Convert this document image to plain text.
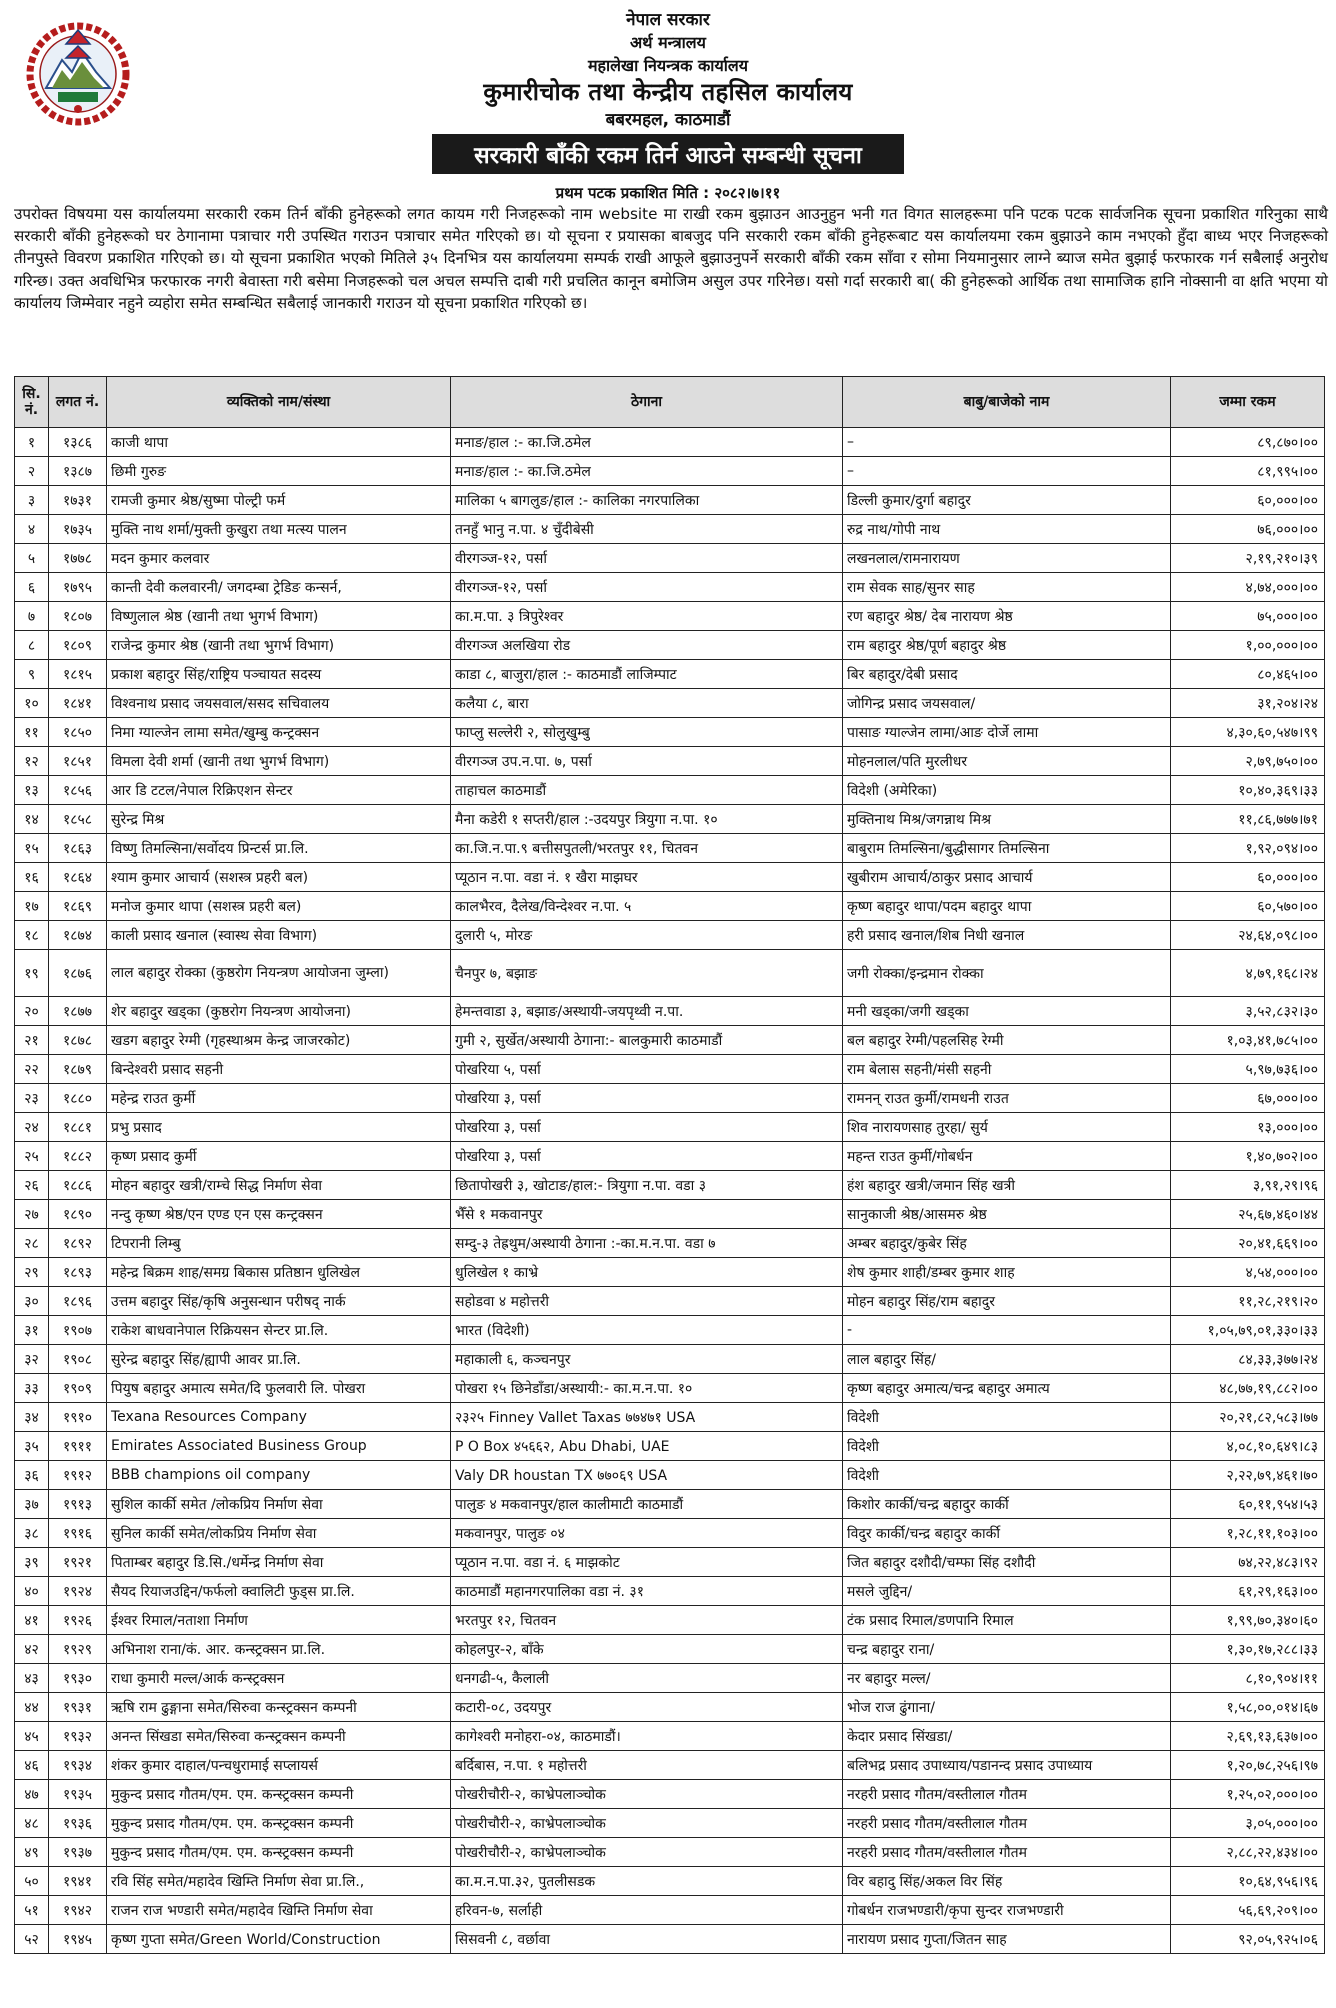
नेपाल सरकार
अर्थ मन्त्रालय
महालेखा नियन्त्रक कार्यालय
कुमारीचोक तथा केन्द्रीय तहसिल कार्यालय
बबरमहल, काठमाडौं
सरकारी बाँकी रकम तिर्न आउने सम्बन्धी सूचना
प्रथम पटक प्रकाशित मिति : २०८२।७।११

उपरोक्त विषयमा यस कार्यालयमा सरकारी रकम तिर्न बाँकी हुनेहरूको लगत कायम गरी निजहरूको नाम website मा राखी रकम बुझाउन आउनुहुन भनी गत विगत सालहरूमा पनि पटक पटक सार्वजनिक सूचना प्रकाशित गरिनुका साथै सरकारी बाँकी हुनेहरूको घर ठेगानामा पत्राचार गरी उपस्थित गराउन पत्राचार समेत गरिएको छ। यो सूचना र प्रयासका बाबजुद पनि सरकारी रकम बाँकी हुनेहरूबाट यस कार्यालयमा रकम बुझाउने काम नभएको हुँदा बाध्य भएर निजहरूको तीनपुस्ते विवरण प्रकाशित गरिएको छ। यो सूचना प्रकाशित भएको मितिले ३५ दिनभित्र यस कार्यालयमा सम्पर्क राखी आफूले बुझाउनुपर्ने सरकारी बाँकी रकम साँवा र सोमा नियमानुसार लाग्ने ब्याज समेत बुझाई फरफारक गर्न सबैलाई अनुरोध गरिन्छ। उक्त अवधिभित्र फरफारक नगरी बेवास्ता गरी बसेमा निजहरूको चल अचल सम्पत्ति दाबी गरी प्रचलित कानून बमोजिम असुल उपर गरिनेछ। यसो गर्दा सरकारी बा( की हुनेहरूको आर्थिक तथा सामाजिक हानि नोक्सानी वा क्षति भएमा यो कार्यालय जिम्मेवार नहुने व्यहोरा समेत सम्बन्धित सबैलाई जानकारी गराउन यो सूचना प्रकाशित गरिएको छ।

सि. नं.	लगत नं.	व्यक्तिको नाम/संस्था	ठेगाना	बाबु/बाजेको नाम	जम्मा रकम
१	१३८६	काजी थापा	मनाङ/हाल :- का.जि.ठमेल	–	८९,८७०।००
२	१३८७	छिमी गुरुङ	मनाङ/हाल :- का.जि.ठमेल	–	८१,९९५।००
३	१७३१	रामजी कुमार श्रेष्ठ/सुष्मा पोल्ट्री फर्म	मालिका ५ बागलुङ/हाल :- कालिका नगरपालिका	डिल्ली कुमार/दुर्गा बहादुर	६०,०००।००
४	१७३५	मुक्ति नाथ शर्मा/मुक्ती कुखुरा तथा मत्स्य पालन	तनहुँ भानु न.पा. ४ चुँदीबेसी	रुद्र नाथ/गोपी नाथ	७६,०००।००
५	१७७८	मदन कुमार कलवार	वीरगञ्ज-१२, पर्सा	लखनलाल/रामनारायण	२,१९,२१०।३९
६	१७९५	कान्ती देवी कलवारनी/ जगदम्बा ट्रेडिङ कन्सर्न,	वीरगञ्ज-१२, पर्सा	राम सेवक साह/सुनर साह	४,७४,०००।००
७	१८०७	विष्णुलाल श्रेष्ठ (खानी तथा भुगर्भ विभाग)	का.म.पा. ३ त्रिपुरेश्वर	रण बहादुर श्रेष्ठ/ देब नारायण श्रेष्ठ	७५,०००।००
८	१८०९	राजेन्द्र कुमार श्रेष्ठ (खानी तथा भुगर्भ विभाग)	वीरगञ्ज अलखिया रोड	राम बहादुर श्रेष्ठ/पूर्ण बहादुर श्रेष्ठ	१,००,०००।००
९	१८१५	प्रकाश बहादुर सिंह/राष्ट्रिय पञ्चायत सदस्य	काडा ८, बाजुरा/हाल :- काठमाडौं लाजिम्पाट	बिर बहादुर/देबी प्रसाद	८०,४६५।००
१०	१८४१	विश्वनाथ प्रसाद जयसवाल/ससद सचिवालय	कलैया ८, बारा	जोगिन्द्र प्रसाद जयसवाल/	३१,२०४।२४
११	१८५०	निमा ग्याल्जेन लामा समेत/खुम्बु कन्ट्रक्सन	फाप्लु सल्लेरी २, सोलुखुम्बु	पासाङ ग्याल्जेन लामा/आङ दोर्जे लामा	४,३०,६०,५४७।९९
१२	१८५१	विमला देवी शर्मा (खानी तथा भुगर्भ विभाग)	वीरगञ्ज उप.न.पा. ७, पर्सा	मोहनलाल/पति मुरलीधर	२,७९,७५०।००
१३	१८५६	आर डि टटल/नेपाल रिक्रिएशन सेन्टर	ताहाचल काठमाडौं	विदेशी (अमेरिका)	१०,४०,३६९।३३
१४	१८५८	सुरेन्द्र मिश्र	मैना कडेरी १ सप्तरी/हाल :-उदयपुर त्रियुगा न.पा. १०	मुक्तिनाथ मिश्र/जगन्नाथ मिश्र	११,८६,७७७।७१
१५	१८६३	विष्णु तिमल्सिना/सर्वोदय प्रिन्टर्स प्रा.लि.	का.जि.न.पा.९ बत्तीसपुतली/भरतपुर ११, चितवन	बाबुराम तिमल्सिना/बुद्धीसागर तिमल्सिना	१,९२,०९४।००
१६	१८६४	श्याम कुमार आचार्य (सशस्त्र प्रहरी बल)	प्यूठान न.पा. वडा नं. १ खैरा माझघर	खुबीराम आचार्य/ठाकुर प्रसाद आचार्य	६०,०००।००
१७	१८६९	मनोज कुमार थापा (सशस्त्र प्रहरी बल)	कालभैरव, दैलेख/विन्देश्वर न.पा. ५	कृष्ण बहादुर थापा/पदम बहादुर थापा	६०,५७०।००
१८	१८७४	काली प्रसाद खनाल (स्वास्थ सेवा विभाग)	दुलारी ५, मोरङ	हरी प्रसाद खनाल/शिब निधी खनाल	२४,६४,०९८।००
१९	१८७६	लाल बहादुर रोक्का (कुष्ठरोग नियन्त्रण आयोजना जुम्ला)	चैनपुर ७, बझाङ	जगी रोक्का/इन्द्रमान रोक्का	४,७९,१६८।२४
२०	१८७७	शेर बहादुर खड्का (कुष्ठरोग नियन्त्रण आयोजना)	हेमन्तवाडा ३, बझाङ/अस्थायी-जयपृथ्वी न.पा.	मनी खड्का/जगी खड्का	३,५२,८३२।३०
२१	१८७८	खडग बहादुर रेग्मी (गृहस्थाश्रम केन्द्र जाजरकोट)	गुमी २, सुर्खेत/अस्थायी ठेगाना:- बालकुमारी काठमाडौं	बल बहादुर रेग्मी/पहलसिह रेग्मी	१,०३,४१,७८५।००
२२	१८७९	बिन्देश्वरी प्रसाद सहनी	पोखरिया ५, पर्सा	राम बेलास सहनी/मंसी सहनी	५,९७,७३६।००
२३	१८८०	महेन्द्र राउत कुर्मी	पोखरिया ३, पर्सा	रामनन् राउत कुर्मी/रामधनी राउत	६७,०००।००
२४	१८८१	प्रभु प्रसाद	पोखरिया ३, पर्सा	शिव नारायणसाह तुरहा/ सुर्य	१३,०००।००
२५	१८८२	कृष्ण प्रसाद कुर्मी	पोखरिया ३, पर्सा	महन्त राउत कुर्मी/गोबर्धन	१,४०,७०२।००
२६	१८८६	मोहन बहादुर खत्री/राम्चे सिद्ध निर्माण सेवा	छितापोखरी ३, खोटाङ/हाल:- त्रियुगा न.पा. वडा ३	हंश बहादुर खत्री/जमान सिंह खत्री	३,९१,२९।९६
२७	१८९०	नन्दु कृष्ण श्रेष्ठ/एन एण्ड एन एस कन्ट्रक्सन	भैँसे १ मकवानपुर	सानुकाजी श्रेष्ठ/आसमरु श्रेष्ठ	२५,६७,४६०।४४
२८	१८९२	टिपरानी लिम्बु	सम्दु-३ तेह्रथुम/अस्थायी ठेगाना :-का.म.न.पा. वडा ७	अम्बर बहादुर/कुबेर सिंह	२०,४१,६६९।००
२९	१८९३	महेन्द्र बिक्रम शाह/समग्र बिकास प्रतिष्ठान धुलिखेल	धुलिखेल १ काभ्रे	शेष कुमार शाही/डम्बर कुमार शाह	४,५४,०००।००
३०	१८९६	उत्तम बहादुर सिंह/कृषि अनुसन्धान परीषद् नार्क	सहोडवा ४ महोत्तरी	मोहन बहादुर सिंह/राम बहादुर	११,२८,२१९।२०
३१	१९०७	राकेश बाधवानेपाल रिक्रियसन सेन्टर प्रा.लि.	भारत (विदेशी)	-	१,०५,७९,०१,३३०।३३
३२	१९०८	सुरेन्द्र बहादुर सिंह/ह्यापी आवर प्रा.लि.	महाकाली ६, कञ्चनपुर	लाल बहादुर सिंह/	८४,३३,३७७।२४
३३	१९०९	पियुष बहादुर अमात्य समेत/दि फुलवारी लि. पोखरा	पोखरा १५ छिनेडाँडा/अस्थायी:- का.म.न.पा. १०	कृष्ण बहादुर अमात्य/चन्द्र बहादुर अमात्य	४८,७७,१९,८८२।००
३४	१९१०	Texana Resources Company	२३२५ Finney Vallet Taxas ७७४७१ USA	विदेशी	२०,२१,८२,५८३।७७
३५	१९११	Emirates Associated Business Group	P O Box ४५६६२, Abu Dhabi, UAE	विदेशी	४,०८,१०,६४९।८३
३६	१९१२	BBB champions oil company	Valy DR houstan TX ७७०६९ USA	विदेशी	२,२२,७९,४६१।७०
३७	१९१३	सुशिल कार्की समेत /लोकप्रिय निर्माण सेवा	पालुङ ४ मकवानपुर/हाल कालीमाटी काठमाडौं	किशोर कार्की/चन्द्र बहादुर कार्की	६०,११,९५४।५३
३८	१९१६	सुनिल कार्की समेत/लोकप्रिय निर्माण सेवा	मकवानपुर, पालुङ ०४	विदुर कार्की/चन्द्र बहादुर कार्की	१,२८,११,१०३।००
३९	१९२१	पिताम्बर बहादुर डि.सि./धर्मेन्द्र निर्माण सेवा	प्यूठान न.पा. वडा नं. ६ माझकोट	जित बहादुर दशौदी/चम्फा सिंह दशौदी	७४,२२,४८३।९२
४०	१९२४	सैयद रियाजउद्दिन/फर्फलो क्वालिटी फुड्स प्रा.लि.	काठमाडौं महानगरपालिका वडा नं. ३१	मसले जुद्दिन/	६१,२९,१६३।००
४१	१९२६	ईश्वर रिमाल/नताशा निर्माण	भरतपुर १२, चितवन	टंक प्रसाद रिमाल/डणपानि रिमाल	१,९९,७०,३४०।६०
४२	१९२९	अभिनाश राना/कं. आर. कन्स्ट्रक्सन प्रा.लि.	कोहलपुर-२, बाँके	चन्द्र बहादुर राना/	१,३०,१७,२८८।३३
४३	१९३०	राधा कुमारी मल्ल/आर्क कन्स्ट्रक्सन	धनगढी-५, कैलाली	नर बहादुर मल्ल/	८,१०,९०४।११
४४	१९३१	ऋषि राम ढुङ्गाना समेत/सिरुवा कन्स्ट्रक्सन कम्पनी	कटारी-०८, उदयपुर	भोज राज ढुंगाना/	१,५८,००,०१४।६७
४५	१९३२	अनन्त सिंखडा समेत/सिरुवा कन्स्ट्रक्सन कम्पनी	कागेश्वरी मनोहरा-०४, काठमाडौं।	केदार प्रसाद सिंखडा/	२,६९,१३,६३७।००
४६	१९३४	शंकर कुमार दाहाल/पन्चधुरामाई सप्लायर्स	बर्दिबास, न.पा. १ महोत्तरी	बलिभद्र प्रसाद उपाध्याय/पडानन्द प्रसाद उपाध्याय	१,२०,७८,२५६।९७
४७	१९३५	मुकुन्द प्रसाद गौतम/एम. एम. कन्स्ट्रक्सन कम्पनी	पोखरीचौरी-२, काभ्रेपलाञ्चोक	नरहरी प्रसाद गौतम/वस्तीलाल गौतम	१,२५,०२,०००।००
४८	१९३६	मुकुन्द प्रसाद गौतम/एम. एम. कन्स्ट्रक्सन कम्पनी	पोखरीचौरी-२, काभ्रेपलाञ्चोक	नरहरी प्रसाद गौतम/वस्तीलाल गौतम	३,०५,०००।००
४९	१९३७	मुकुन्द प्रसाद गौतम/एम. एम. कन्स्ट्रक्सन कम्पनी	पोखरीचौरी-२, काभ्रेपलाञ्चोक	नरहरी प्रसाद गौतम/वस्तीलाल गौतम	२,८८,२२,४३४।००
५०	१९४१	रवि सिंह समेत/महादेव खिम्ति निर्माण सेवा प्रा.लि.,	का.म.न.पा.३२, पुतलीसडक	विर बहादु सिंह/अकल विर सिंह	१०,६४,९५६।९६
५१	१९४२	राजन राज भण्डारी समेत/महादेव खिम्ति निर्माण सेवा	हरिवन-७, सर्लाही	गोबर्धन राजभण्डारी/कृपा सुन्दर राजभण्डारी	५६,६९,२०९।००
५२	१९४५	कृष्ण गुप्ता समेत/Green World/Construction	सिसवनी ८, वर्छावा	नारायण प्रसाद गुप्ता/जितन साह	९२,०५,९२५।०६
